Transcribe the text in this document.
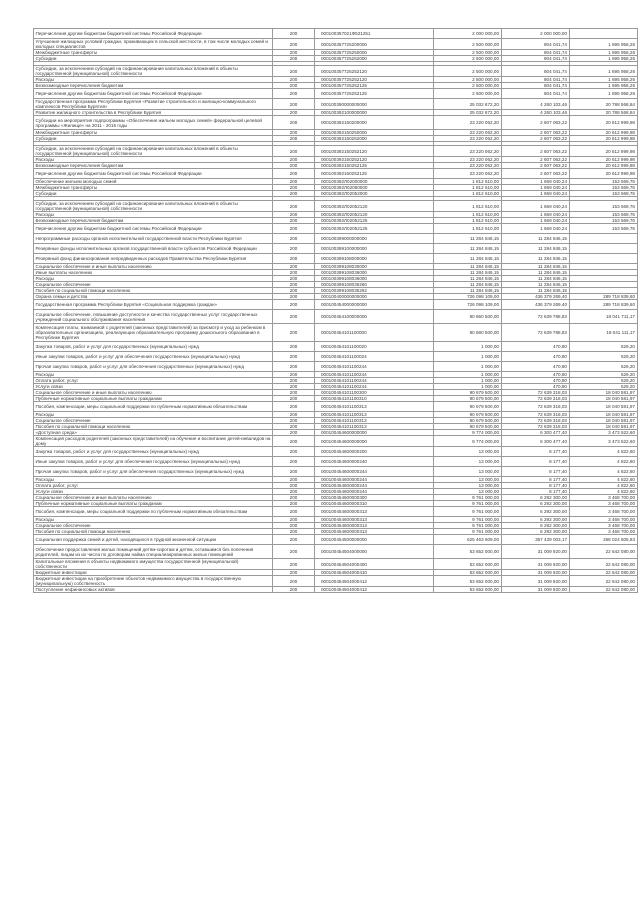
Перечисления другим бюджетам бюджетной системы Российской Федерации	200	000100357021Ф521251	2 000 000,00	2 000 000,00	
Улучшение жилищных условий граждан, проживающих в сельской местности, в том числе молодых семей и молодых специалистов	200	000100357725200000	2 500 000,00	804 041,74	1 695 958,26
Межбюджетные трансферты	200	000100357725250000	2 500 000,00	804 041,74	1 695 958,26
Субсидии	200	000100357725252000	2 500 000,00	804 041,74	1 695 958,26

Субсидии, за исключением субсидий на софинансирование капитальных вложений в объекты государственной (муниципальной) собственности	200	000100357725252120	2 500 000,00	804 041,74	1 695 958,26
Расходы	200	000100357725252120	2 500 000,00	804 041,74	1 695 958,26
Безвозмездные перечисления бюджетам	200	000100357725252125	2 500 000,00	804 041,74	1 695 958,26
Перечисления другим бюджетам бюджетной системы Российской Федерации	200	000100357725252125	2 500 000,00	804 041,74	1 695 958,26
Государственная программа Республики Бурятия «Развитие строительного и жилищно-коммунального комплексов Республики Бурятия»	200	000100390000000000	25 032 672,20	4 260 103,46	20 788 568,84
Развитие жилищного строительства в Республике Бурятия	200	000100392100000000	25 032 672,20	4 260 103,46	20 788 568,84
Субсидии на мероприятия подпрограммы «Обеспечение жильем молодых семей» федеральной целевой программы «Жилище» на 2011 - 2015 годы	200	000100392150200000	23 220 062,20	2 607 063,22	20 612 999,98
Межбюджетные трансферты	200	000100392150250000	23 220 062,20	2 607 063,22	20 612 999,98
Субсидии	200	000100392150252000	23 220 062,20	2 607 063,22	20 612 999,98

Субсидии, за исключением субсидий на софинансирование капитальных вложений в объекты государственной (муниципальной) собственности	200	000100392150252120	23 220 062,20	2 607 063,22	20 612 999,98
Расходы	200	000100392150252120	23 220 062,20	2 607 063,22	20 612 999,98
Безвозмездные перечисления бюджетам	200	000100392150252125	23 220 062,20	2 607 063,22	20 612 999,98
Перечисления другим бюджетам бюджетной системы Российской Федерации	200	000100392150252125	23 220 062,20	2 607 063,22	20 612 999,98
Обеспечение жильем молодых семей	200	000100392Л02000000	1 812 610,00	1 659 040,24	153 569,76
Межбюджетные трансферты	200	000100392Л02050000	1 812 610,00	1 659 040,24	153 569,76
Субсидии	200	000100392Л02052000	1 812 610,00	1 659 040,24	153 569,76

Субсидии, за исключением субсидий на софинансирование капитальных вложений в объекты государственной (муниципальной) собственности	200	000100392Л02052120	1 812 610,00	1 659 040,24	153 569,76
Расходы	200	000100392Л02052120	1 812 610,00	1 659 040,24	153 569,76
Безвозмездные перечисления бюджетам	200	000100392Л02052125	1 812 610,00	1 659 040,24	153 569,76
Перечисления другим бюджетам бюджетной системы Российской Федерации	200	000100392Л02052125	1 812 610,00	1 659 040,24	153 569,76
Непрограммные расходы органов исполнительной государственной власти Республики Бурятия	200	000100399000000000	11 284 846,15	11 284 846,15	
Резервные фонды исполнительных органов государственной власти субъектов Российской Федерации	200	000100399100000000	11 284 846,15	11 284 846,15	
Резервный фонд финансирования непредвиденных расходов Правительства Республики Бурятия	200	000100399108000000	11 284 846,15	11 284 846,15	
Социальное обеспечение и иные выплаты населению	200	000100399108030000	11 284 846,15	11 284 846,15	
Иные выплаты населению	200	000100399108036000	11 284 846,15	11 284 846,15	
Расходы	200	000100399108036000	11 284 846,15	11 284 846,15	
Социальное обеспечение	200	000100399108036260	11 284 846,15	11 284 846,15	
Пособия по социальной помощи населению	200	000100399108036262	11 284 846,15	11 284 846,15	
Охрана семьи и детства	200	000100400000000000	726 098 109,00	436 379 269,40	289 718 839,60
Государственная программа Республики Бурятия «Социальная поддержка граждан»	200	000100454000000000	726 098 109,00	436 379 269,40	289 718 839,60
Социальное обеспечение, повышение доступности и качества государственных услуг государственных учреждений социального обслуживания населения	200	000100454100000000	90 860 500,00	72 639 788,83	18 041 711,17
Компенсация платы, взимаемой с родителей (законных представителей) за присмотр и уход за ребенком в образовательных организациях, реализующих образовательную программу дошкольного образования в Республике Бурятия	200	000100454101100000	90 680 500,00	72 639 788,83	18 041 111,17
Закупка товаров, работ и услуг для государственных (муниципальных) нужд	200	000100454101100020	1 000,00	470,80	529,20
Иные закупки товаров, работ и услуг для обеспечения государственных (муниципальных) нужд	200	000100454101100024	1 000,00	470,80	529,20
Прочая закупка товаров, работ и услуг для обеспечения государственных (муниципальных) нужд	200	000100454101100244	1 000,00	470,80	529,20
Расходы	200	000100454101100244	1 000,00	470,80	529,20
Оплата работ, услуг	200	000100454101100244	1 000,00	470,80	529,20
Услуги связи	200	000100454101100244	1 000,00	470,80	529,20
Социальное обеспечение и иные выплаты населению	200	000100454101100300	90 679 500,00	72 639 318,03	18 040 581,97
Публичные нормативные социальные выплаты гражданам	200	000100454101100310	90 679 500,00	72 639 318,03	18 040 581,97
Пособия, компенсации, меры социальной поддержки по публичным нормативным обязательствам	200	000100454101100313	90 679 500,00	72 639 318,03	18 040 581,97
Расходы	200	000100454101100313	90 679 500,00	72 639 318,03	18 040 581,97
Социальное обеспечение	200	000100454101100313	90 679 500,00	72 639 318,03	18 040 581,97
Пособия по социальной помощи населению	200	000100454101100313	90 679 500,00	72 639 318,03	18 040 581,97
«Доступная среда»	200	000100454600000000	9 774 000,00	6 300 477,40	3 473 522,60
Компенсация расходов родителей (законных представителей) на обучение и воспитание детей-инвалидов на дому	200	000100454600000000	9 774 000,00	6 300 477,40	3 473 522,60
Закупка товаров, работ и услуг для государственных (муниципальных) нужд	200	000100454600000200	13 000,00	8 177,40	4 822,60
Иные закупки товаров, работ и услуг для обеспечения государственных (муниципальных) нужд	200	000100454600000240	13 000,00	8 177,40	4 822,60
Прочая закупка товаров, работ и услуг для обеспечения государственных (муниципальных) нужд	200	000100454600000244	13 000,00	8 177,40	4 822,60
Расходы	200	000100454600000244	13 000,00	8 177,40	4 822,60
Оплата работ, услуг	200	000100454600000244	13 000,00	8 177,40	4 822,60
Услуги связи	200	000100454600000244	13 000,00	8 177,40	4 822,60
Социальное обеспечение и иные выплаты населению	200	000100454600000300	9 761 000,00	6 292 300,00	3 468 700,00
Публичные нормативные социальные выплаты гражданам	200	000100454600000310	9 761 000,00	6 292 300,00	3 468 700,00
Пособия, компенсации, меры социальной поддержки по публичным нормативным обязательствам	200	000100454600000313	9 761 000,00	6 292 300,00	3 468 700,00
Расходы	200	000100454600000313	9 761 000,00	6 292 300,00	3 468 700,00
Социальное обеспечение	200	000100454600000313	9 761 000,00	6 292 300,00	3 468 700,00
Пособия по социальной помощи населению	200	000100454600000313	9 761 000,00	6 292 300,00	3 468 700,00
Социальная поддержка семей и детей, находящихся в трудной жизненной ситуации	200	000100454500000000	625 463 609,00	357 439 003,17	268 024 605,83
Обеспечение предоставления жилых помещений детям-сиротам и детям, оставшимся без попечения родителей, лицам из их числа по договорам найма специализированных жилых помещений	200	000100454504000000	53 652 000,00	31 009 920,00	22 642 080,00
Капитальные вложения в объекты недвижимого имущества государственной (муниципальной) собственности	200	000100454504000400	53 652 000,00	31 009 920,00	22 642 080,00
Бюджетные инвестиции	200	000100454504000410	53 652 000,00	31 009 920,00	22 642 080,00
Бюджетные инвестиции на приобретение объектов недвижимого имущества в государственную (муниципальную) собственность	200	000100454504000412	53 652 000,00	31 009 920,00	22 642 080,00
Поступление нефинансовых активов	200	000100454504000412	53 652 000,00	31 009 920,00	22 642 080,00
